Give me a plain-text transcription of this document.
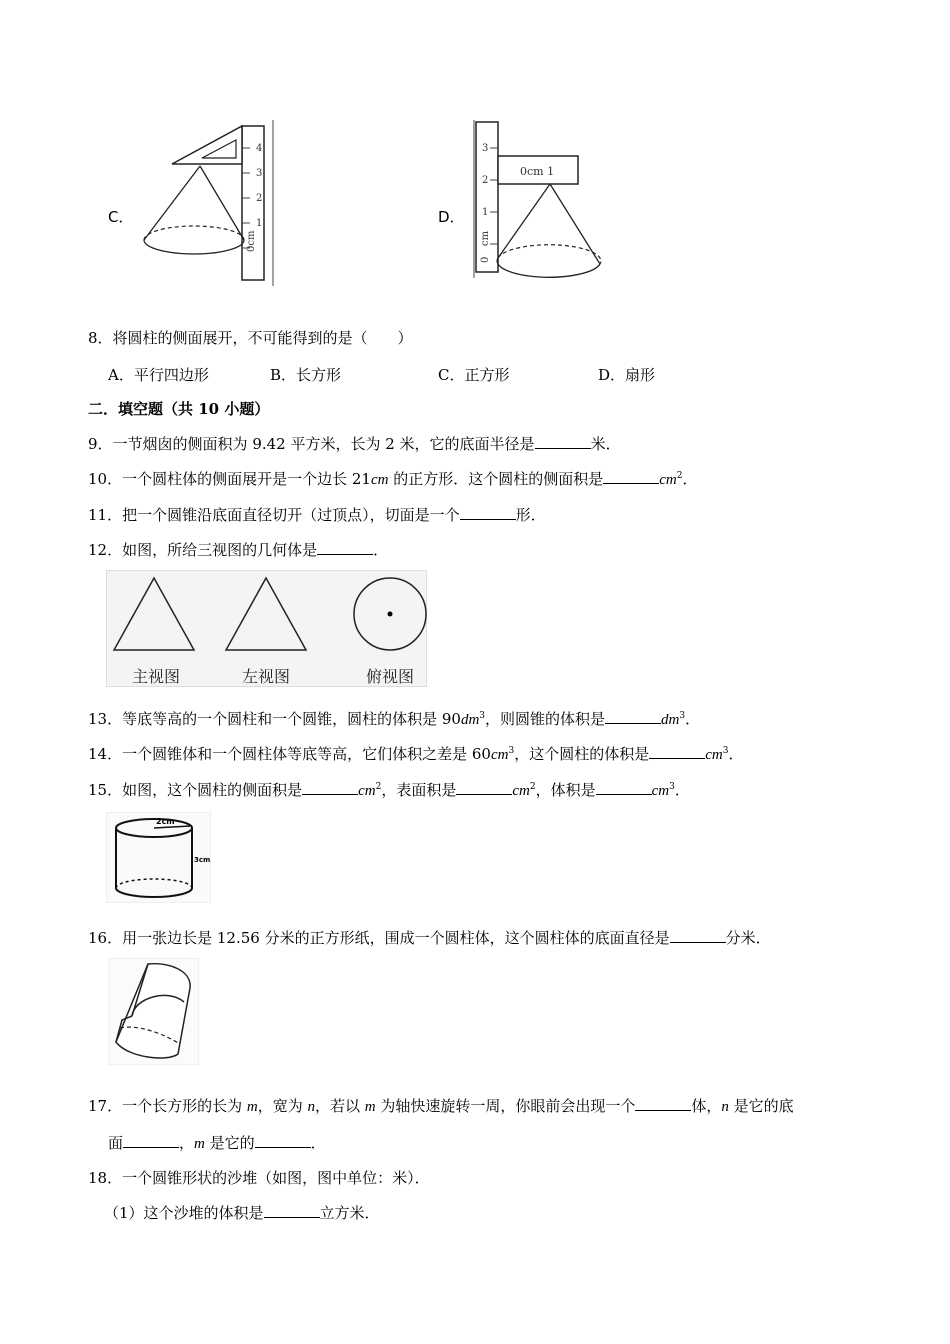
C．
0cm
1
2
3
4
D．
0
cm
1
2
3
0cm 1
8．将圆柱的侧面展开，不可能得到的是（　　）
A．平行四边形	B．长方形	C．正方形	D．扇形
二．填空题（共 10 小题）
9．一节烟囱的侧面积为 9.42 平方米，长为 2 米，它的底面半径是	米．
10．一个圆柱体的侧面展开是一个边长 21cm 的正方形．这个圆柱的侧面积是	$cm^2$．
11．把一个圆锥沿底面直径切开（过顶点），切面是一个	形．
12．如图，所给三视图的几何体是	．
主视图	左视图	俯视图
13．等底等高的一个圆柱和一个圆锥，圆柱的体积是 $90dm^3$，则圆锥的体积是	$dm^3$．
14．一个圆锥体和一个圆柱体等底等高，它们体积之差是 $60cm^3$，这个圆柱的体积是	$cm^3$．
15．如图，这个圆柱的侧面积是	$cm^2$，表面积是	$cm^2$，体积是	$cm^3$．
2cm
3cm
16．用一张边长是 12.56 分米的正方形纸，围成一个圆柱体，这个圆柱体的底面直径是	分米．
17．一个长方形的长为 m，宽为 n，若以 m 为轴快速旋转一周，你眼前会出现一个	体，n 是它的底
面	，m 是它的	．
18．一个圆锥形状的沙堆（如图，图中单位：米）．
（1）这个沙堆的体积是	立方米．
